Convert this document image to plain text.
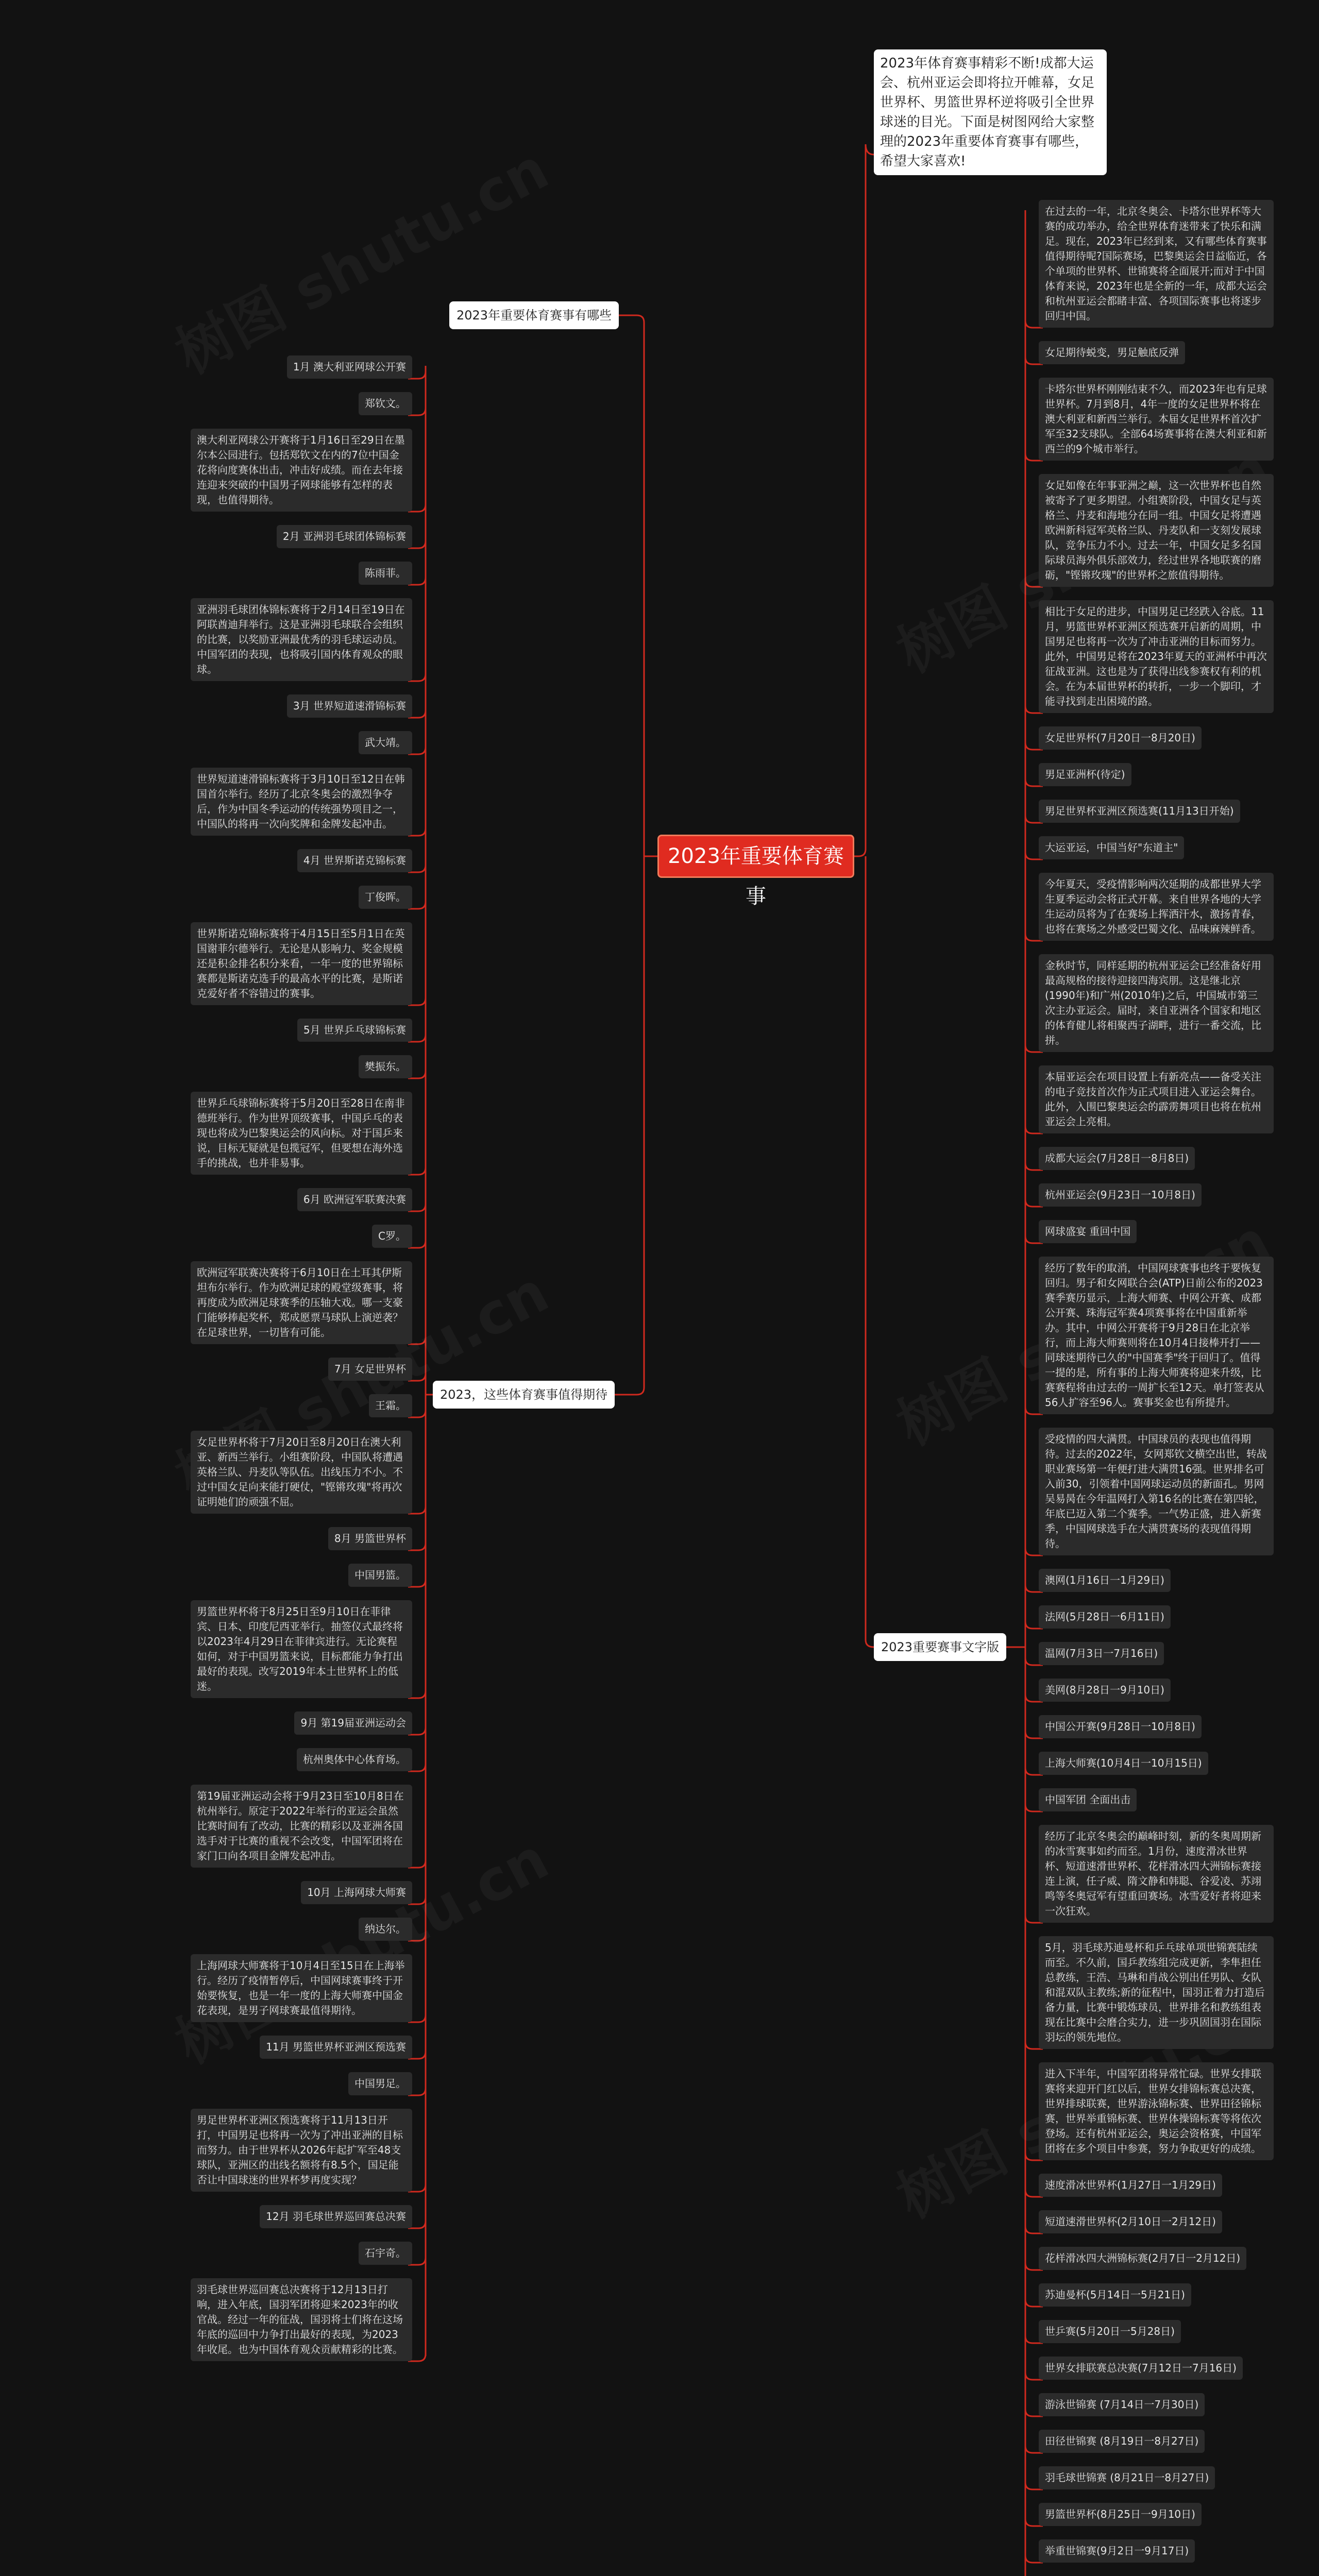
2023年重要体育赛事
2023年体育赛事精彩不断!成都大运会、杭州亚运会即将拉开帷幕，女足世界杯、男篮世界杯逆将吸引全世界球迷的目光。下面是树图网给大家整理的2023年重要体育赛事有哪些，希望大家喜欢!
2023年重要体育赛事有哪些
2023，这些体育赛事值得期待
2023重要赛事文字版
1月 澳大利亚网球公开赛
郑钦文。
澳大利亚网球公开赛将于1月16日至29日在墨尔本公园进行。包括郑钦文在内的7位中国金花将向度赛体出击，冲击好成绩。而在去年接连迎来突破的中国男子网球能够有怎样的表现，也值得期待。
2月 亚洲羽毛球团体锦标赛
陈雨菲。
亚洲羽毛球团体锦标赛将于2月14日至19日在阿联酋迪拜举行。这是亚洲羽毛球联合会组织的比赛，以奖励亚洲最优秀的羽毛球运动员。中国军团的表现，也将吸引国内体育观众的眼球。
3月 世界短道速滑锦标赛
武大靖。
世界短道速滑锦标赛将于3月10日至12日在韩国首尔举行。经历了北京冬奥会的激烈争夺后，作为中国冬季运动的传统强势项目之一，中国队的将再一次向奖牌和金牌发起冲击。
4月 世界斯诺克锦标赛
丁俊晖。
世界斯诺克锦标赛将于4月15日至5月1日在英国谢菲尔德举行。无论是从影响力、奖金规模还是积金排名积分来看，一年一度的世界锦标赛都是斯诺克选手的最高水平的比赛，是斯诺克爱好者不容错过的赛事。
5月 世界乒乓球锦标赛
樊振东。
世界乒乓球锦标赛将于5月20日至28日在南非德班举行。作为世界顶级赛事，中国乒乓的表现也将成为巴黎奥运会的风向标。对于国乒来说，目标无疑就是包揽冠军，但要想在海外选手的挑战，也并非易事。
6月 欧洲冠军联赛决赛
C罗。
欧洲冠军联赛决赛将于6月10日在土耳其伊斯坦布尔举行。作为欧洲足球的殿堂级赛事，将再度成为欧洲足球赛季的压轴大戏。哪一支豪门能够捧起奖杯，郑成愿票马球队上演逆袭？在足球世界，一切皆有可能。
7月 女足世界杯
王霜。
女足世界杯将于7月20日至8月20日在澳大利亚、新西兰举行。小组赛阶段，中国队将遭遇英格兰队、丹麦队等队伍。出线压力不小。不过中国女足向来能打硬仗，"铿锵玫瑰"将再次证明她们的顽强不屈。
8月 男篮世界杯
中国男篮。
男篮世界杯将于8月25日至9月10日在菲律宾、日本、印度尼西亚举行。抽签仪式最终将以2023年4月29日在菲律宾进行。无论赛程如何，对于中国男篮来说，目标都能力争打出最好的表现。改写2019年本土世界杯上的低迷。
9月 第19届亚洲运动会
杭州奥体中心体育场。
第19届亚洲运动会将于9月23日至10月8日在杭州举行。原定于2022年举行的亚运会虽然比赛时间有了改动，比赛的精彩以及亚洲各国选手对于比赛的重视不会改变，中国军团将在家门口向各项目金牌发起冲击。
10月 上海网球大师赛
纳达尔。
上海网球大师赛将于10月4日至15日在上海举行。经历了疫情暂停后，中国网球赛事终于开始要恢复，也是一年一度的上海大师赛中国金花表现，是男子网球赛最值得期待。
11月 男篮世界杯亚洲区预选赛
中国男足。
男足世界杯亚洲区预选赛将于11月13日开打，中国男足也将再一次为了冲出亚洲的目标而努力。由于世界杯从2026年起扩军至48支球队，亚洲区的出线名额将有8.5个，国足能否让中国球迷的世界杯梦再度实现？
12月 羽毛球世界巡回赛总决赛
石宇奇。
羽毛球世界巡回赛总决赛将于12月13日打响，进入年底，国羽军团将迎来2023年的收官战。经过一年的征战，国羽将士们将在这场年底的巡回中力争打出最好的表现，为2023年收尾。也为中国体育观众贡献精彩的比赛。
在过去的一年，北京冬奥会、卡塔尔世界杯等大赛的成功举办，给全世界体育迷带来了快乐和满足。现在，2023年已经到来，又有哪些体育赛事值得期待呢?国际赛场，巴黎奥运会日益临近，各个单项的世界杯、世锦赛将全面展开;而对于中国体育来说，2023年也是全新的一年，成都大运会和杭州亚运会都睹丰富、各项国际赛事也将逐步回归中国。
女足期待蜕变，男足触底反弹
卡塔尔世界杯刚刚结束不久，而2023年也有足球世界杯。7月到8月，4年一度的女足世界杯将在澳大利亚和新西兰举行。本届女足世界杯首次扩军至32支球队。全部64场赛事将在澳大利亚和新西兰的9个城市举行。
女足如像在年事亚洲之巅，这一次世界杯也自然被寄予了更多期望。小组赛阶段，中国女足与英格兰、丹麦和海地分在同一组。中国女足将遭遇欧洲新科冠军英格兰队、丹麦队和一支刻发展球队，竞争压力不小。过去一年，中国女足多名国际球员海外俱乐部效力，经过世界各地联赛的磨砺，"铿锵玫瑰"的世界杯之旅值得期待。
相比于女足的进步，中国男足已经跌入谷底。11月，男篮世界杯亚洲区预选赛开启新的周期，中国男足也将再一次为了冲击亚洲的目标而努力。此外，中国男足将在2023年夏天的亚洲杯中再次征战亚洲。这也是为了获得出线参赛权有利的机会。在为本届世界杯的转折，一步一个脚印，才能寻找到走出困境的路。
女足世界杯(7月20日一8月20日)
男足亚洲杯(待定)
男足世界杯亚洲区预选赛(11月13日开始)
大运亚运，中国当好"东道主"
今年夏天，受疫情影响两次延期的成都世界大学生夏季运动会将正式开幕。来自世界各地的大学生运动员将为了在赛场上挥洒汗水，激扬青春，也将在赛场之外感受巴蜀文化、品味麻辣鲜香。
金秋时节，同样延期的杭州亚运会已经准备好用最高规格的接待迎接四海宾朋。这是继北京(1990年)和广州(2010年)之后，中国城市第三次主办亚运会。届时，来自亚洲各个国家和地区的体育健儿将相聚西子湖畔，进行一番交流，比拼。
本届亚运会在项目设置上有新亮点——备受关注的电子竞技首次作为正式项目进入亚运会舞台。此外，入围巴黎奥运会的霹雳舞项目也将在杭州亚运会上亮相。
成都大运会(7月28日一8月8日)
杭州亚运会(9月23日一10月8日)
网球盛宴 重回中国
经历了数年的取消，中国网球赛事也终于要恢复回归。男子和女网联合会(ATP)日前公布的2023赛季赛历显示，上海大师赛、中网公开赛、成都公开赛、珠海冠军赛4项赛事将在中国重新举办。其中，中网公开赛将于9月28日在北京举行，而上海大师赛则将在10月4日接棒开打——同球迷期待已久的"中国赛季"终于回归了。值得一提的是，所有事的上海大师赛将迎来升级，比赛赛程将由过去的一周扩长至12天。单打签表从56人扩容至96人。赛事奖金也有所提升。
受疫情的四大满贯。中国球员的表现也值得期待。过去的2022年，女网郑钦文横空出世，转战职业赛场第一年便打进大满贯16强。世界排名可入前30，引领着中国网球运动员的新面孔。男网吴易昺在今年温网打入第16名的比赛在第四轮，年底已迈入第二个赛季。一气势正盛，进入新赛季，中国网球选手在大满贯赛场的表现值得期待。
澳网(1月16日一1月29日)
法网(5月28日一6月11日)
温网(7月3日一7月16日)
美网(8月28日一9月10日)
中国公开赛(9月28日一10月8日)
上海大师赛(10月4日一10月15日)
中国军团 全面出击
经历了北京冬奥会的巅峰时刻，新的冬奥周期新的冰雪赛事如约而至。1月份，速度滑冰世界杯、短道速滑世界杯、花样滑冰四大洲锦标赛接连上演，任子威、隋文静和韩聪、谷爱凌、苏翊鸣等冬奥冠军有望重回赛场。冰雪爱好者将迎来一次狂欢。
5月，羽毛球苏迪曼杯和乒乓球单项世锦赛陆续而至。不久前，国乒教练组完成更新，李隼担任总教练，王浩、马琳和肖战公别出任男队、女队和混双队主教练;新的征程中，国羽正着力打造后备力量，比赛中锻炼球员，世界排名和教练组表现在比赛中会磨合实力，进一步巩固国羽在国际羽坛的领先地位。
进入下半年，中国军团将异常忙碌。世界女排联赛将来迎开门红以后，世界女排锦标赛总决赛，世界排球联赛，世界游泳锦标赛、世界田径锦标赛，世界举重锦标赛、世界体操锦标赛等将依次登场。还有杭州亚运会，奥运会资格赛，中国军团将在多个项目中参赛，努力争取更好的成绩。
速度滑冰世界杯(1月27日一1月29日)
短道速滑世界杯(2月10日一2月12日)
花样滑冰四大洲锦标赛(2月7日一2月12日)
苏迪曼杯(5月14日一5月21日)
世乒赛(5月20日一5月28日)
世界女排联赛总决赛(7月12日一7月16日)
游泳世锦赛 (7月14日一7月30日)
田径世锦赛 (8月19日一8月27日)
羽毛球世锦赛 (8月21日一8月27日)
男篮世界杯(8月25日一9月10日)
举重世锦赛(9月2日一9月17日)
